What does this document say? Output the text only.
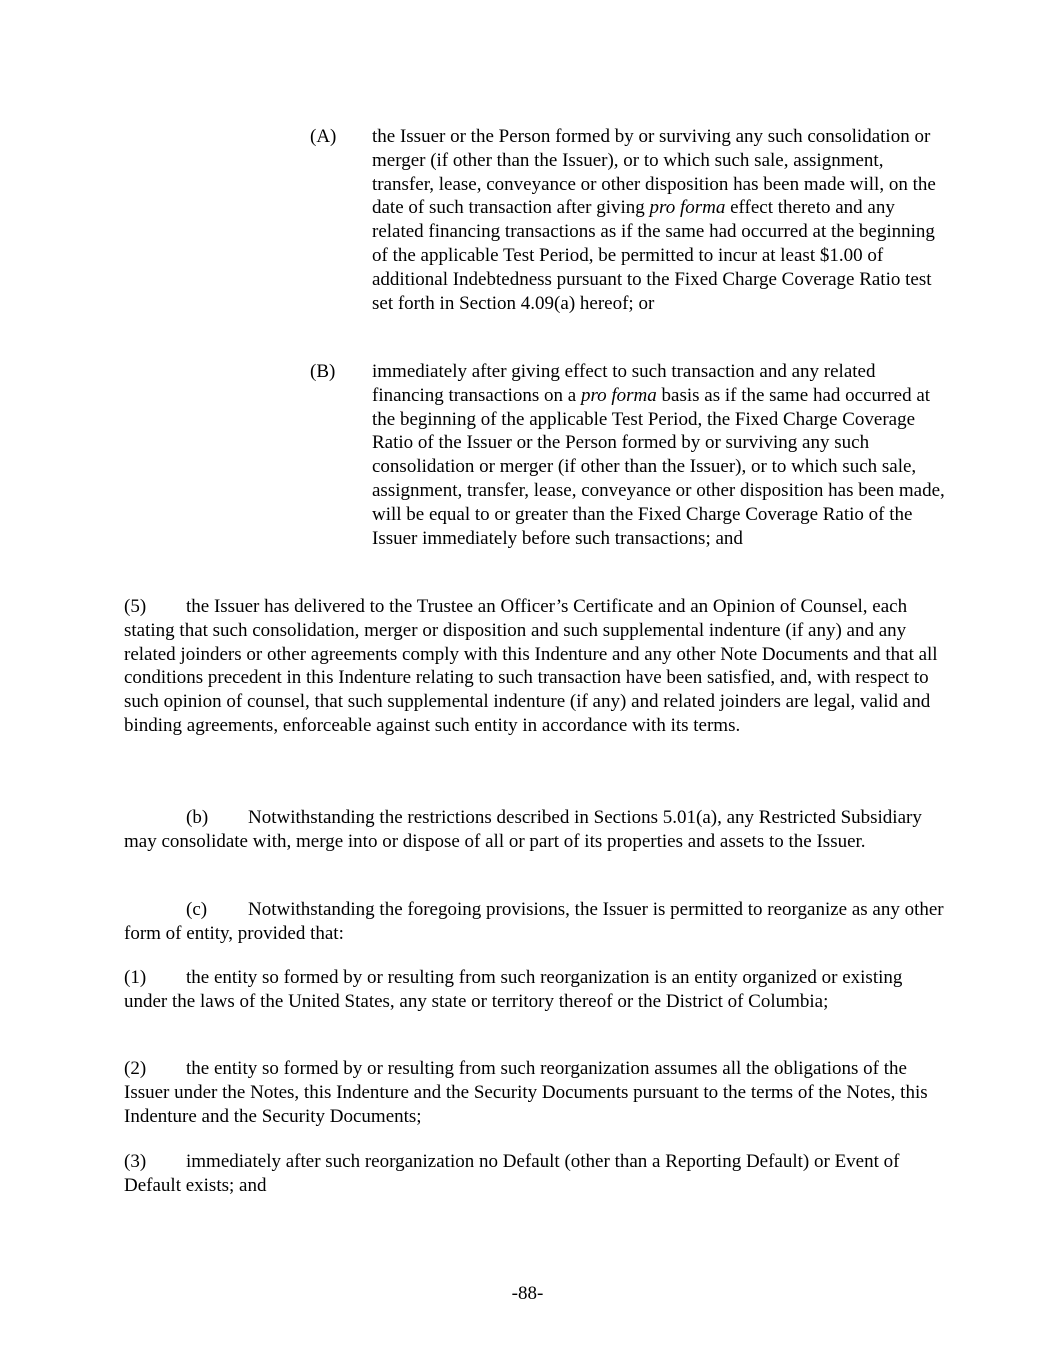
(A) the Issuer or the Person formed by or surviving any such consolidation or merger (if other than the Issuer), or to which such sale, assignment, transfer, lease, conveyance or other disposition has been made will, on the date of such transaction after giving pro forma effect thereto and any related financing transactions as if the same had occurred at the beginning of the applicable Test Period, be permitted to incur at least $1.00 of additional Indebtedness pursuant to the Fixed Charge Coverage Ratio test set forth in Section 4.09(a) hereof; or
(B) immediately after giving effect to such transaction and any related financing transactions on a pro forma basis as if the same had occurred at the beginning of the applicable Test Period, the Fixed Charge Coverage Ratio of the Issuer or the Person formed by or surviving any such consolidation or merger (if other than the Issuer), or to which such sale, assignment, transfer, lease, conveyance or other disposition has been made, will be equal to or greater than the Fixed Charge Coverage Ratio of the Issuer immediately before such transactions; and
(5) the Issuer has delivered to the Trustee an Officer’s Certificate and an Opinion of Counsel, each stating that such consolidation, merger or disposition and such supplemental indenture (if any) and any related joinders or other agreements comply with this Indenture and any other Note Documents and that all conditions precedent in this Indenture relating to such transaction have been satisfied, and, with respect to such opinion of counsel, that such supplemental indenture (if any) and related joinders are legal, valid and binding agreements, enforceable against such entity in accordance with its terms.
(b) Notwithstanding the restrictions described in Sections 5.01(a), any Restricted Subsidiary may consolidate with, merge into or dispose of all or part of its properties and assets to the Issuer.
(c) Notwithstanding the foregoing provisions, the Issuer is permitted to reorganize as any other form of entity, provided that:
(1) the entity so formed by or resulting from such reorganization is an entity organized or existing under the laws of the United States, any state or territory thereof or the District of Columbia;
(2) the entity so formed by or resulting from such reorganization assumes all the obligations of the Issuer under the Notes, this Indenture and the Security Documents pursuant to the terms of the Notes, this Indenture and the Security Documents;
(3) immediately after such reorganization no Default (other than a Reporting Default) or Event of Default exists; and
-88-
